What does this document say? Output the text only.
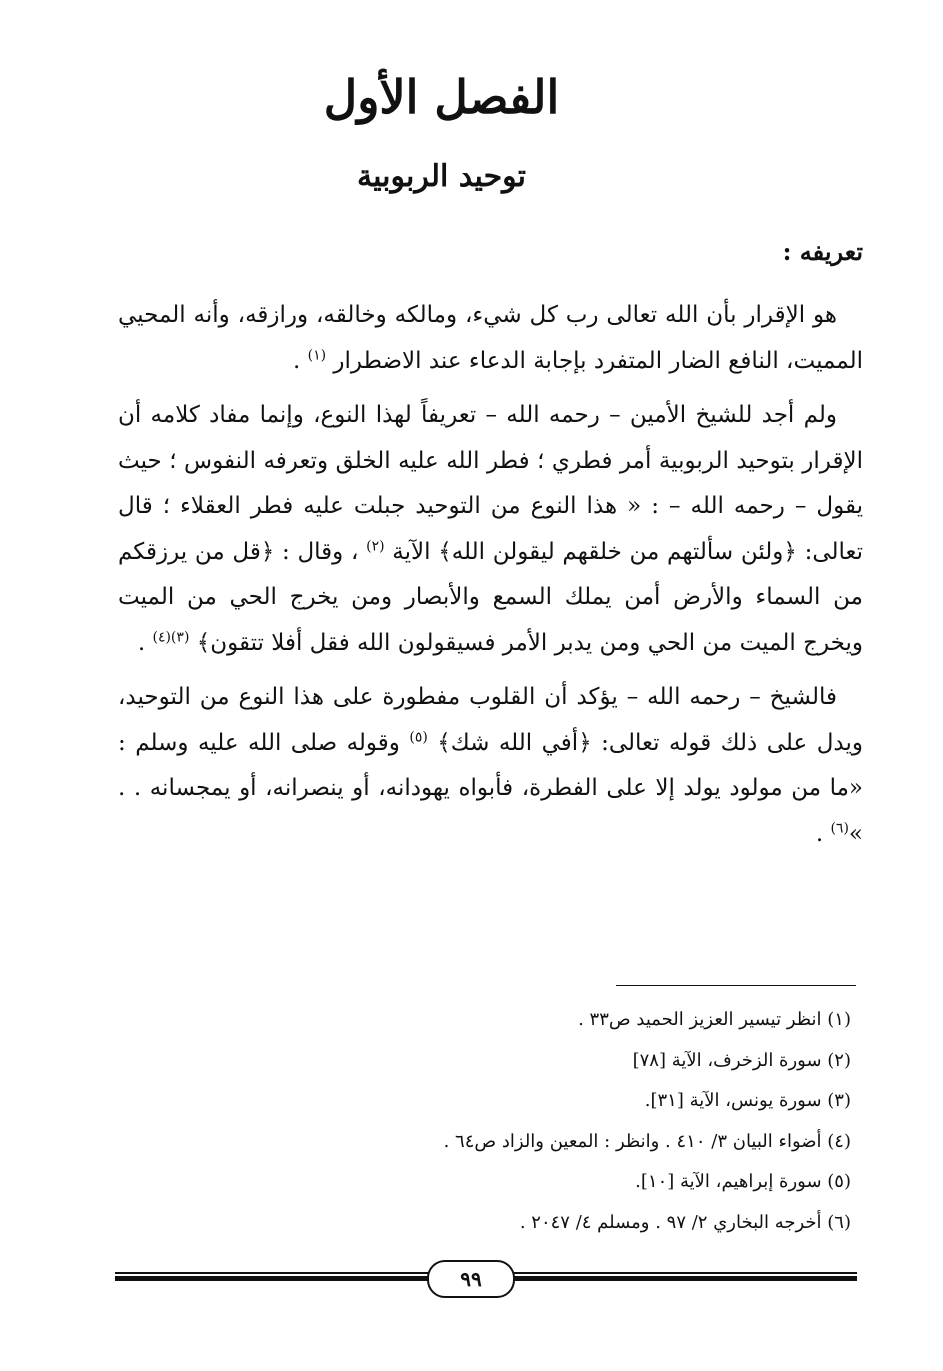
الفصل الأول
توحيد الربوبية
تعريفه :

هو الإقرار بأن الله تعالى رب كل شيء، ومالكه وخالقه، ورازقه، وأنه المحيي المميت، النافع الضار المتفرد بإجابة الدعاء عند الاضطرار $^{(١)}$ .

ولم أجد للشيخ الأمين – رحمه الله – تعريفاً لهذا النوع، وإنما مفاد كلامه أن الإقرار بتوحيد الربوبية أمر فطري ؛ فطر الله عليه الخلق وتعرفه النفوس ؛ حيث يقول – رحمه الله – : « هذا النوع من التوحيد جبلت عليه فطر العقلاء ؛ قال تعالى: ﴿ولئن سألتهم من خلقهم ليقولن الله﴾ الآية $^{(٢)}$ ، وقال : ﴿قل من يرزقكم من السماء والأرض أمن يملك السمع والأبصار ومن يخرج الحي من الميت ويخرج الميت من الحي ومن يدبر الأمر فسيقولون الله فقل أفلا تتقون﴾ $^{(٣)(٤)}$ .

فالشيخ – رحمه الله – يؤكد أن القلوب مفطورة على هذا النوع من التوحيد، ويدل على ذلك قوله تعالى: ﴿أفي الله شك﴾ $^{(٥)}$ وقوله صلى الله عليه وسلم : «ما من مولود يولد إلا على الفطرة، فأبواه يهودانه، أو ينصرانه، أو يمجسانه . . »$^{(٦)}$ .

(١) انظر تيسير العزيز الحميد ص٣٣ .
(٢) سورة الزخرف، الآية [٧٨]
(٣) سورة يونس، الآية [٣١].
(٤) أضواء البيان ٣/ ٤١٠ . وانظر : المعين والزاد ص٦٤ .
(٥) سورة إبراهيم، الآية [١٠].
(٦) أخرجه البخاري ٢/ ٩٧ . ومسلم ٤/ ٢٠٤٧ .
٩٩
